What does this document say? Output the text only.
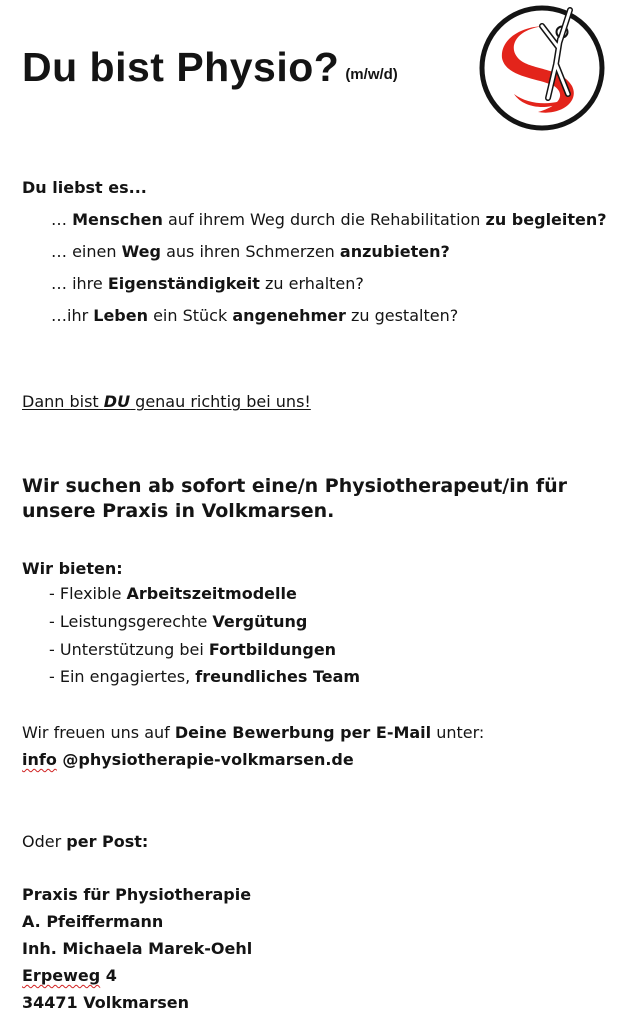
Du bist Physio? (m/w/d)
Du liebst es...
… Menschen auf ihrem Weg durch die Rehabilitation zu begleiten?
… einen Weg aus ihren Schmerzen anzubieten?
… ihre Eigenständigkeit zu erhalten?
…ihr Leben ein Stück angenehmer zu gestalten?
Dann bist DU genau richtig bei uns!
Wir suchen ab sofort eine/n Physiotherapeut/in für unsere Praxis in Volkmarsen.
Wir bieten:
- Flexible Arbeitszeitmodelle
- Leistungsgerechte Vergütung
- Unterstützung bei Fortbildungen
- Ein engagiertes, freundliches Team
Wir freuen uns auf Deine Bewerbung per E-Mail unter:
info @physiotherapie-volkmarsen.de
Oder per Post:
Praxis für Physiotherapie
A. Pfeiffermann
Inh. Michaela Marek-Oehl
Erpeweg 4
34471 Volkmarsen
